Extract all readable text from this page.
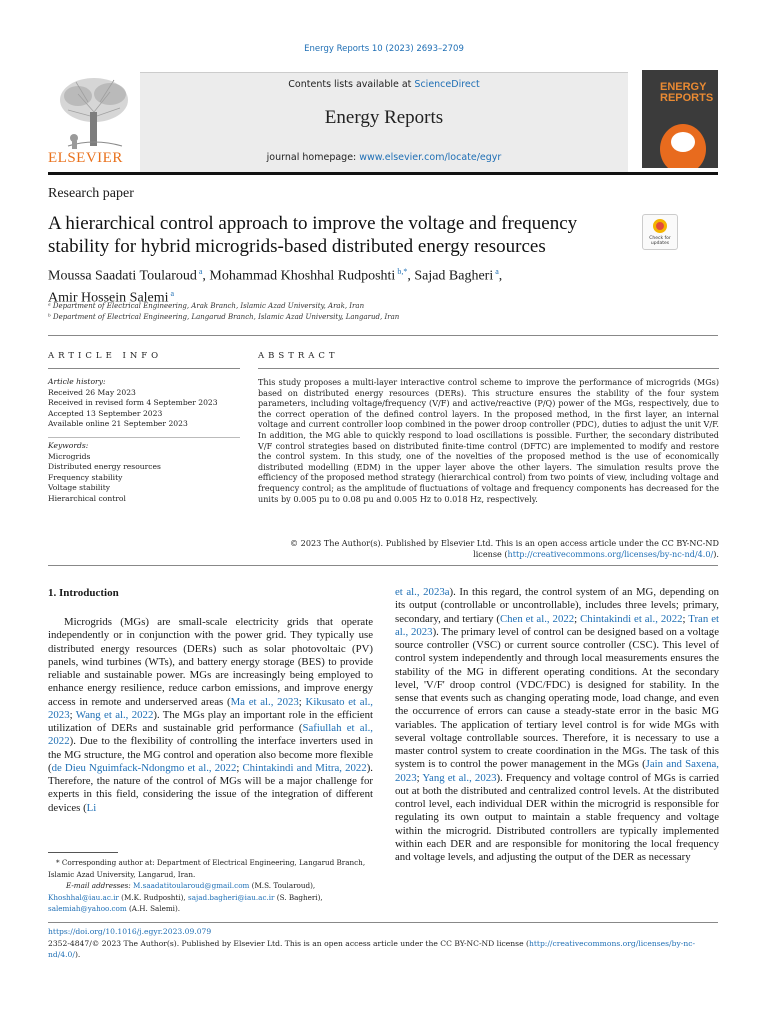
Energy Reports 10 (2023) 2693–2709
ELSEVIER
Contents lists available at ScienceDirect
Energy Reports
journal homepage: www.elsevier.com/locate/egyr
ENERGY
REPORTS
Research paper
A hierarchical control approach to improve the voltage and frequency stability for hybrid microgrids-based distributed energy resources	Check for updates
Moussa Saadati Toularoud $^a$, Mohammad Khoshhal Rudposhti $^{b,*}$, Sajad Bagheri $^a$,
Amir Hossein Salemi $^a$
ᵃ Department of Electrical Engineering, Arak Branch, Islamic Azad University, Arak, Iran
ᵇ Department of Electrical Engineering, Langarud Branch, Islamic Azad University, Langarud, Iran
ARTICLE INFO	ABSTRACT
Article history:
Received 26 May 2023
Received in revised form 4 September 2023
Accepted 13 September 2023
Available online 21 September 2023
Keywords:
Microgrids
Distributed energy resources
Frequency stability
Voltage stability
Hierarchical control
This study proposes a multi-layer interactive control scheme to improve the performance of microgrids (MGs) based on distributed energy resources (DERs). This structure ensures the stability of the four system parameters, including voltage/frequency (V/F) and active/reactive (P/Q) power of the MGs, respectively, due to the correct operation of the defined control layers. In the proposed method, in the first layer, an internal voltage and current controller loop combined in the power droop controller (PDC), duties to adjust the unit V/F. In addition, the MG able to quickly respond to load oscillations is possible. Further, the secondary distributed V/F control strategies based on distributed finite-time control (DFTC) are implemented to modify and restore the control system. In this study, one of the novelties of the proposed method is the use of economically distributed modelling (EDM) in the upper layer above the other layers. The simulation results prove the efficiency of the proposed method strategy (hierarchical control) from two points of view, including voltage and frequency control; as the amplitude of fluctuations of voltage and frequency components has decreased for the units by 0.005 pu to 0.08 pu and 0.005 Hz to 0.018 Hz, respectively.
© 2023 The Author(s). Published by Elsevier Ltd. This is an open access article under the CC BY-NC-ND
license (http://creativecommons.org/licenses/by-nc-nd/4.0/).
1. Introduction
Microgrids (MGs) are small-scale electricity grids that operate independently or in conjunction with the power grid. They typically use distributed energy resources (DERs) such as solar photovoltaic (PV) panels, wind turbines (WTs), and battery energy storage (BES) to provide reliable and sustainable power. MGs are increasingly being employed to enhance energy resilience, reduce carbon emissions, and improve energy access in remote and underserved areas (Ma et al., 2023; Kikusato et al., 2023; Wang et al., 2022). The MGs play an important role in the efficient utilization of DERs and sustainable grid performance (Safiullah et al., 2022). Due to the flexibility of controlling the interface inverters used in the MG structure, the MG control and operation also become more flexible (de Dieu Nguimfack-Ndongmo et al., 2022; Chintakindi and Mitra, 2022). Therefore, the nature of the control of MGs will be a major challenge for experts in this field, considering the issue of the integration of different devices (Li
et al., 2023a). In this regard, the control system of an MG, depending on its output (controllable or uncontrollable), includes three levels; primary, secondary, and tertiary (Chen et al., 2022; Chintakindi et al., 2022; Tran et al., 2023). The primary level of control can be designed based on a voltage source controller (VSC) or current source controller (CSC). This level of control system independently and through local measurements ensures the stability of the MG in different operating conditions. At the secondary level, 'V/F' droop control (VDC/FDC) is designed for stability. In the sense that events such as changing operating mode, load change, and even the occurrence of errors can cause a steady-state error in the basic MG variables. The application of tertiary level control is for wide MGs with several voltage controllable sources. Therefore, it is necessary to use a master control system to create coordination in the MGs. The task of this system is to control the power management in the MGs (Jain and Saxena, 2023; Yang et al., 2023). Frequency and voltage control of MGs is carried out at both the distributed and centralized control levels. At the distributed control level, each individual DER within the microgrid is responsible for regulating its own output to maintain a stable frequency and voltage within the microgrid. Distributed controllers are typically implemented within each DER and are responsible for monitoring the local frequency and voltage levels, and adjusting the output of the DER as necessary
* Corresponding author at: Department of Electrical Engineering, Langarud Branch, Islamic Azad University, Langarud, Iran.
E-mail addresses: M.saadatitoularoud@gmail.com (M.S. Toularoud), Khoshhal@iau.ac.ir (M.K. Rudposhti), sajad.bagheri@iau.ac.ir (S. Bagheri), salemiah@yahoo.com (A.H. Salemi).
https://doi.org/10.1016/j.egyr.2023.09.079
2352-4847/© 2023 The Author(s). Published by Elsevier Ltd. This is an open access article under the CC BY-NC-ND license (http://creativecommons.org/licenses/by-nc-nd/4.0/).
